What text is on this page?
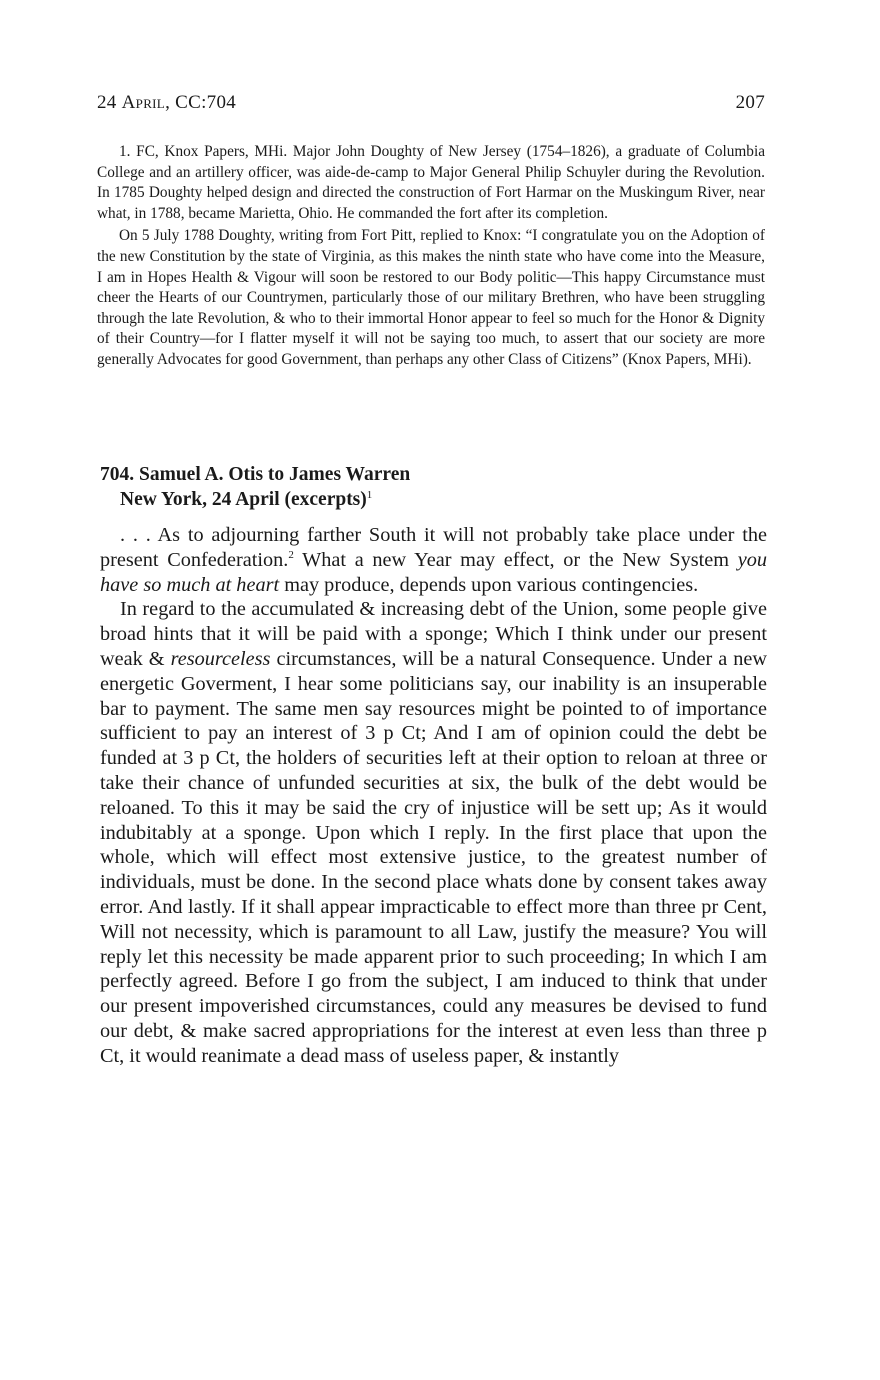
24 April, CC:704	207

1. FC, Knox Papers, MHi. Major John Doughty of New Jersey (1754–1826), a graduate of Columbia College and an artillery officer, was aide-de-camp to Major General Philip Schuyler during the Revolution. In 1785 Doughty helped design and directed the construction of Fort Harmar on the Muskingum River, near what, in 1788, became Marietta, Ohio. He commanded the fort after its completion.

On 5 July 1788 Doughty, writing from Fort Pitt, replied to Knox: “I congratulate you on the Adoption of the new Constitution by the state of Virginia, as this makes the ninth state who have come into the Measure, I am in Hopes Health & Vigour will soon be restored to our Body politic—This happy Circumstance must cheer the Hearts of our Countrymen, particularly those of our military Brethren, who have been struggling through the late Revolution, & who to their immortal Honor appear to feel so much for the Honor & Dignity of their Country—for I flatter myself it will not be saying too much, to assert that our society are more generally Advocates for good Government, than perhaps any other Class of Citizens” (Knox Papers, MHi).

704. Samuel A. Otis to James Warren
New York, 24 April (excerpts)$^1$

. . . As to adjourning farther South it will not probably take place under the present Confederation.$^2$ What a new Year may effect, or the New System you have so much at heart may produce, depends upon various contingencies.

In regard to the accumulated & increasing debt of the Union, some people give broad hints that it will be paid with a sponge; Which I think under our present weak & resourceless circumstances, will be a natural Consequence. Under a new energetic Goverment, I hear some politicians say, our inability is an insuperable bar to payment. The same men say resources might be pointed to of importance sufficient to pay an interest of 3 p Ct; And I am of opinion could the debt be funded at 3 p Ct, the holders of securities left at their option to reloan at three or take their chance of unfunded securities at six, the bulk of the debt would be reloaned. To this it may be said the cry of injustice will be sett up; As it would indubitably at a sponge. Upon which I reply. In the first place that upon the whole, which will effect most extensive justice, to the greatest number of individuals, must be done. In the second place whats done by consent takes away error. And lastly. If it shall appear impracticable to effect more than three pr Cent, Will not necessity, which is paramount to all Law, justify the measure? You will reply let this necessity be made apparent prior to such proceeding; In which I am perfectly agreed. Before I go from the subject, I am induced to think that under our present impoverished circumstances, could any measures be devised to fund our debt, & make sacred appropriations for the interest at even less than three p Ct, it would reanimate a dead mass of useless paper, & instantly
